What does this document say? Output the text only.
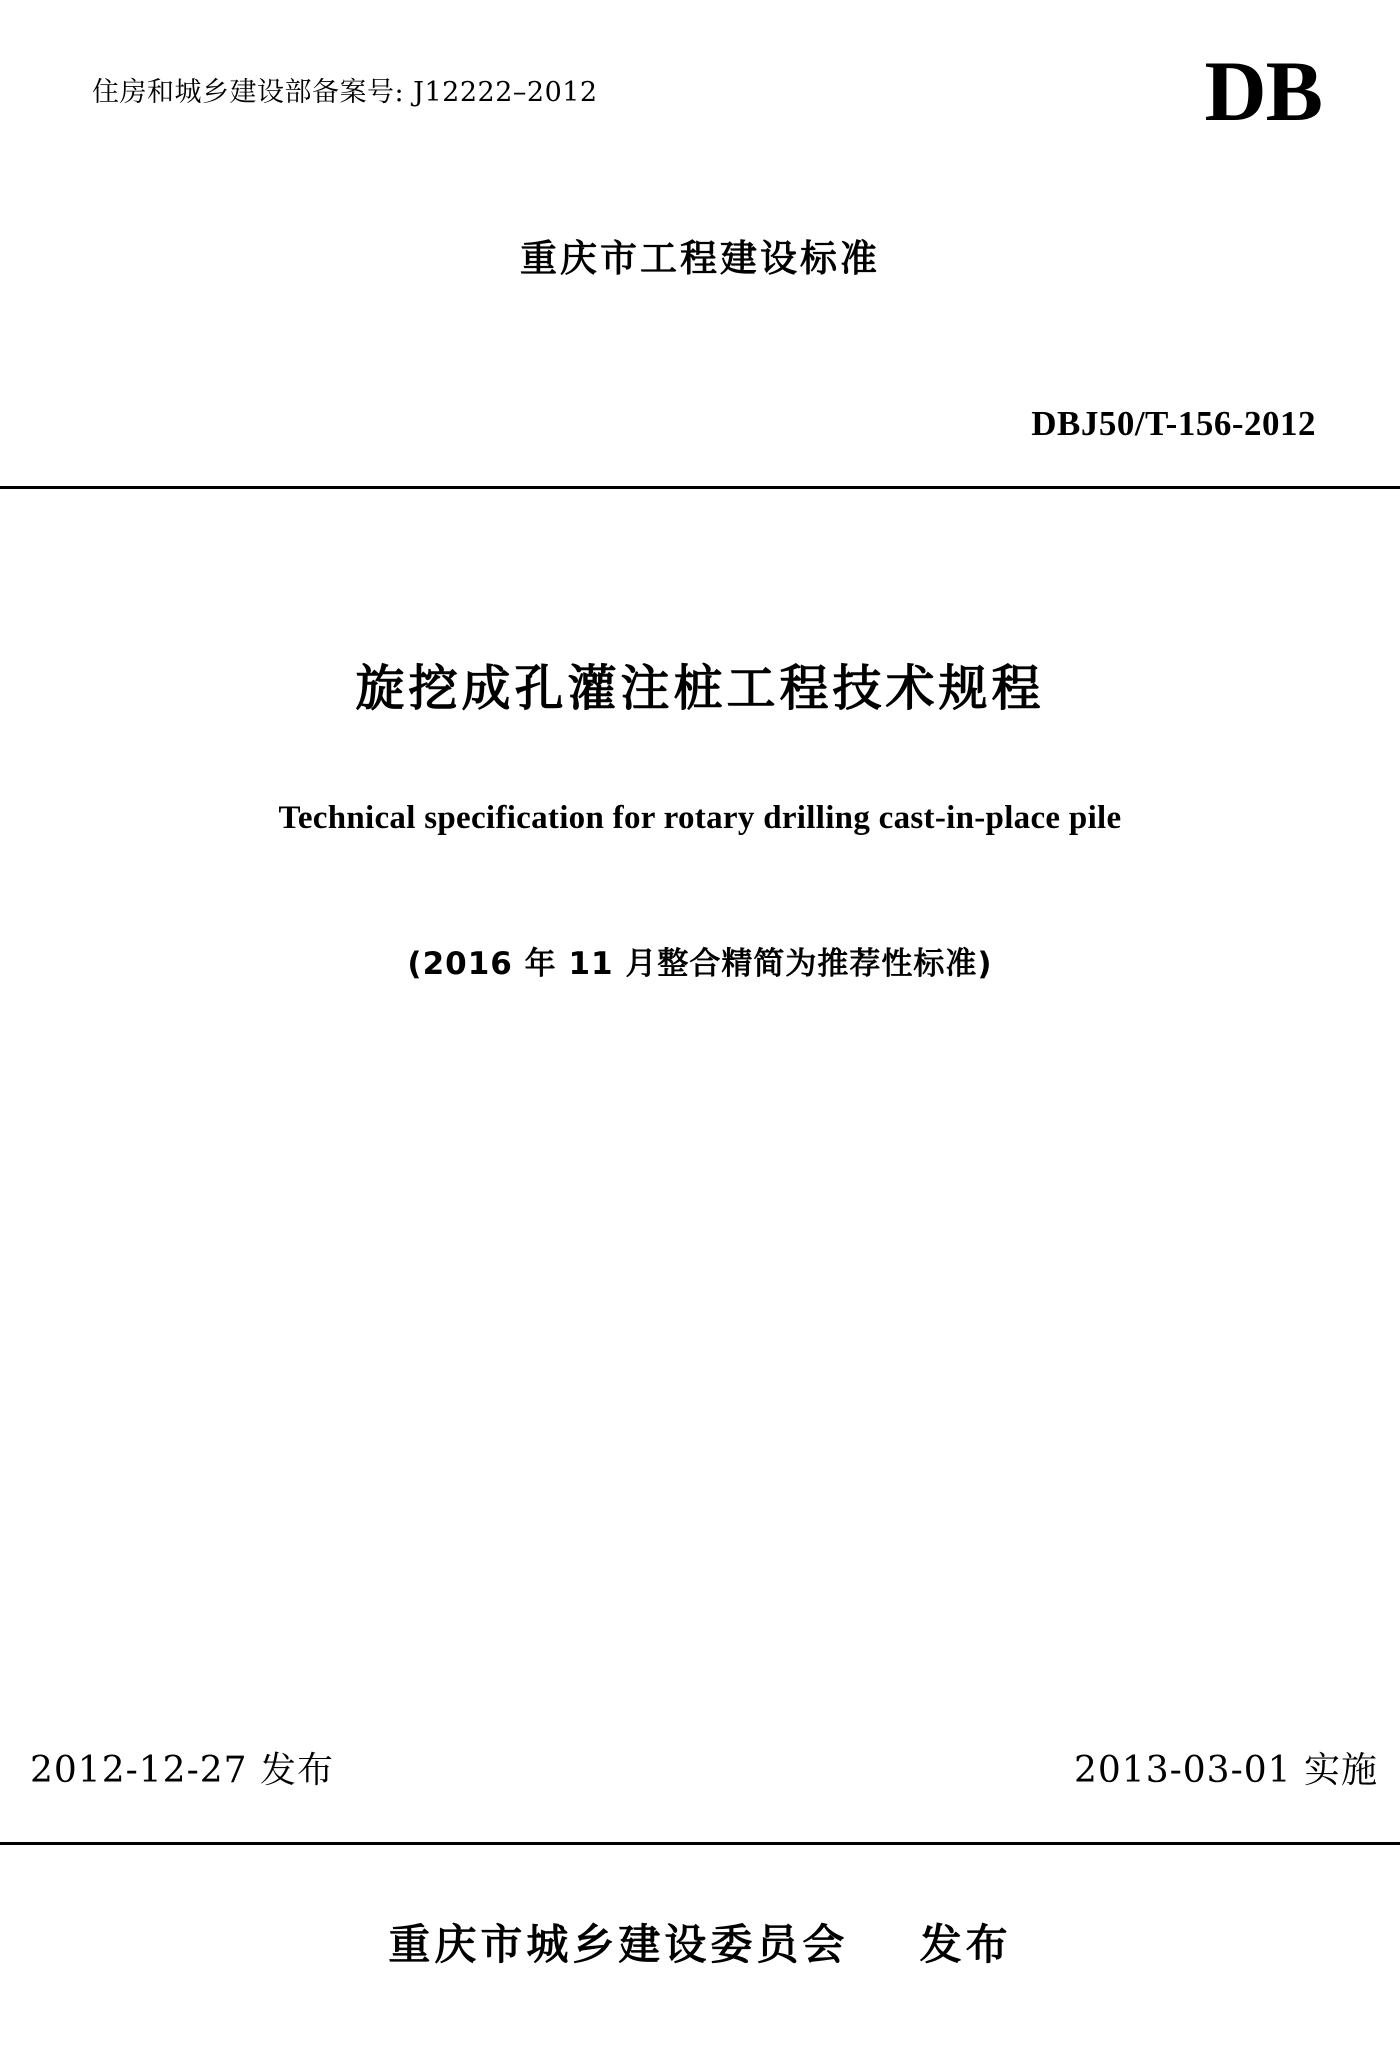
住房和城乡建设部备案号: J12222–2012	DB
重庆市工程建设标准
DBJ50/T-156-2012
旋挖成孔灌注桩工程技术规程
Technical specification for rotary drilling cast-in-place pile
(2016 年 11 月整合精简为推荐性标准)
2012-12-27 发布	2013-03-01 实施
重庆市城乡建设委员会 发布
